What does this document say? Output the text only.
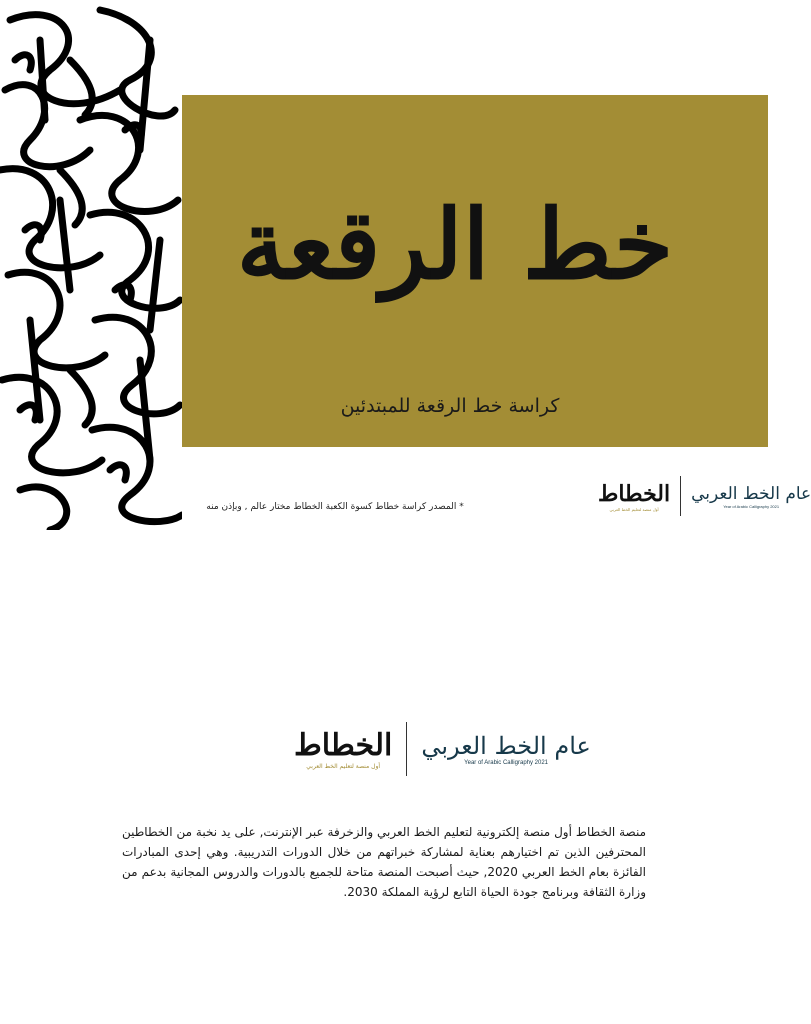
خط الرقعة
كراسة خط الرقعة للمبتدئين
* المصدر كراسة خطاط كسوة الكعبة الخطاط مختار عالم , وبإذن منه
الخطاط
أول منصة لتعليم الخط العربي
عام الخط العربي
Year of Arabic Calligraphy 2021
الخطاط
أول منصة لتعليم الخط العربي
عام الخط العربي
Year of Arabic Calligraphy 2021
منصة الخطاط أول منصة إلكترونية لتعليم الخط العربي والزخرفة عبر الإنترنت, على يد نخبة من الخطاطين المحترفين الذين تم اختيارهم بعناية لمشاركة خبراتهم من خلال الدورات التدريبية. وهي إحدى المبادرات الفائزة بعام الخط العربي 2020, حيث أصبحت المنصة متاحة للجميع بالدورات والدروس المجانية بدعم من وزارة الثقافة وبرنامج جودة الحياة التابع لرؤية المملكة 2030.
